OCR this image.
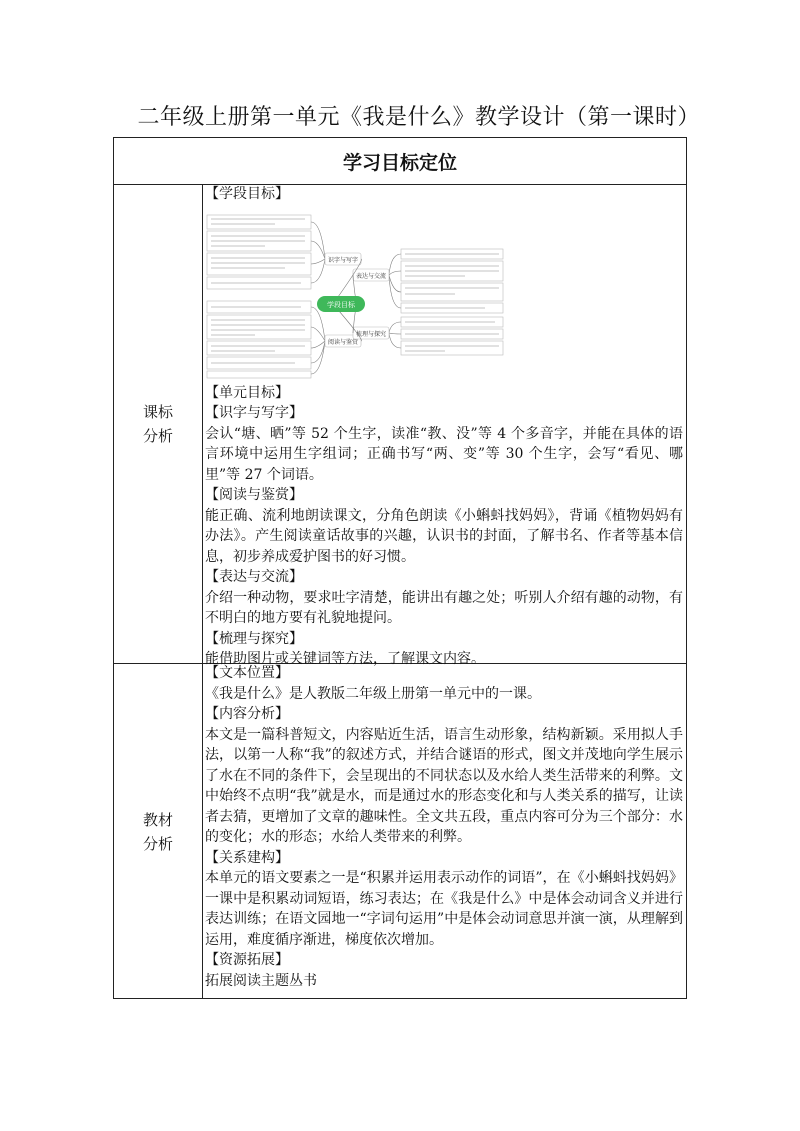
二年级上册第一单元《我是什么》教学设计（第一课时）
学习目标定位
课标
分析

【学段目标】

识字与写字
阅读与鉴赏
表达与交流
梳理与探究
学段目标

【单元目标】

【识字与写字】

会认“塘、晒”等 52 个生字，读准“教、没”等 4 个多音字，并能在具体的语言环境中运用生字组词；正确书写“两、变”等 30 个生字，会写“看见、哪里”等 27 个词语。

【阅读与鉴赏】

能正确、流利地朗读课文，分角色朗读《小蝌蚪找妈妈》，背诵《植物妈妈有办法》。产生阅读童话故事的兴趣，认识书的封面，了解书名、作者等基本信息，初步养成爱护图书的好习惯。

【表达与交流】

介绍一种动物，要求吐字清楚，能讲出有趣之处；听别人介绍有趣的动物，有不明白的地方要有礼貌地提问。

【梳理与探究】

能借助图片或关键词等方法，了解课文内容。

教材
分析

【文本位置】

《我是什么》是人教版二年级上册第一单元中的一课。

【内容分析】

本文是一篇科普短文，内容贴近生活，语言生动形象，结构新颖。采用拟人手法，以第一人称“我”的叙述方式，并结合谜语的形式，图文并茂地向学生展示了水在不同的条件下，会呈现出的不同状态以及水给人类生活带来的利弊。文中始终不点明“我”就是水，而是通过水的形态变化和与人类关系的描写，让读者去猜，更增加了文章的趣味性。全文共五段，重点内容可分为三个部分：水的变化；水的形态；水给人类带来的利弊。

【关系建构】

本单元的语文要素之一是“积累并运用表示动作的词语”，在《小蝌蚪找妈妈》一课中是积累动词短语，练习表达；在《我是什么》中是体会动词含义并进行表达训练；在语文园地一“字词句运用”中是体会动词意思并演一演，从理解到运用，难度循序渐进，梯度依次增加。

【资源拓展】

拓展阅读主题丛书
